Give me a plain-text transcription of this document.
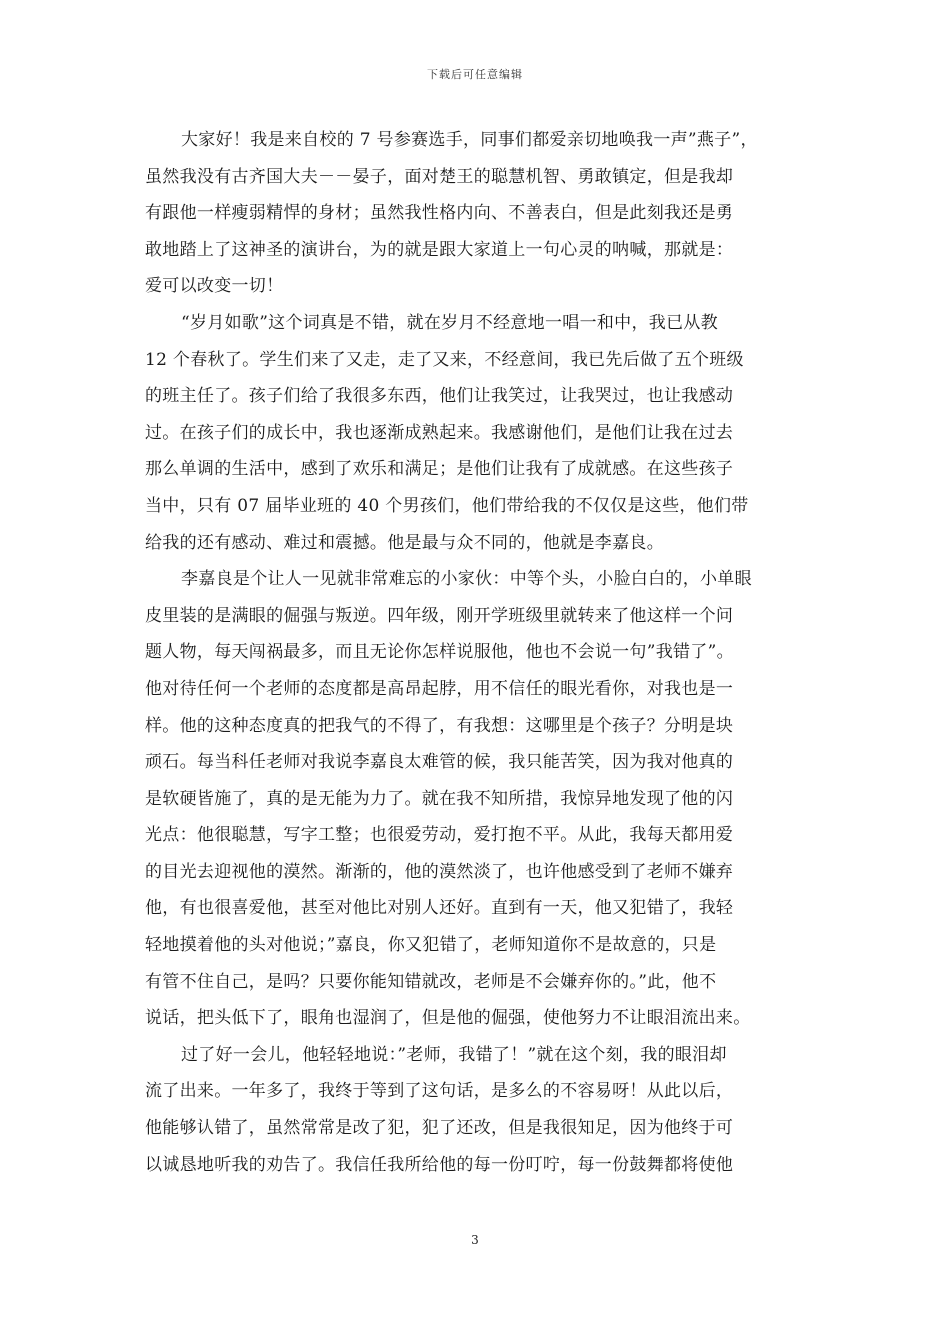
下载后可任意编辑
大家好！我是来自校的 7 号参赛选手，同事们都爱亲切地唤我一声”燕子”，
虽然我没有古齐国大夫－－晏子，面对楚王的聪慧机智、勇敢镇定，但是我却
有跟他一样瘦弱精悍的身材；虽然我性格内向、不善表白，但是此刻我还是勇
敢地踏上了这神圣的演讲台，为的就是跟大家道上一句心灵的呐喊，那就是：
爱可以改变一切！
“岁月如歌”这个词真是不错，就在岁月不经意地一唱一和中，我已从教
12 个春秋了。学生们来了又走，走了又来，不经意间，我已先后做了五个班级
的班主任了。孩子们给了我很多东西，他们让我笑过，让我哭过，也让我感动
过。在孩子们的成长中，我也逐渐成熟起来。我感谢他们，是他们让我在过去
那么单调的生活中，感到了欢乐和满足；是他们让我有了成就感。在这些孩子
当中，只有 07 届毕业班的 40 个男孩们，他们带给我的不仅仅是这些，他们带
给我的还有感动、难过和震撼。他是最与众不同的，他就是李嘉良。
李嘉良是个让人一见就非常难忘的小家伙：中等个头，小脸白白的，小单眼
皮里装的是满眼的倔强与叛逆。四年级，刚开学班级里就转来了他这样一个问
题人物，每天闯祸最多，而且无论你怎样说服他，他也不会说一句”我错了”。
他对待任何一个老师的态度都是高昂起脖，用不信任的眼光看你，对我也是一
样。他的这种态度真的把我气的不得了，有我想：这哪里是个孩子？分明是块
顽石。每当科任老师对我说李嘉良太难管的候，我只能苦笑，因为我对他真的
是软硬皆施了，真的是无能为力了。就在我不知所措，我惊异地发现了他的闪
光点：他很聪慧，写字工整；也很爱劳动，爱打抱不平。从此，我每天都用爱
的目光去迎视他的漠然。渐渐的，他的漠然淡了，也许他感受到了老师不嫌弃
他，有也很喜爱他，甚至对他比对别人还好。直到有一天，他又犯错了，我轻
轻地摸着他的头对他说；”嘉良，你又犯错了，老师知道你不是故意的，只是
有管不住自己，是吗？只要你能知错就改，老师是不会嫌弃你的。”此，他不
说话，把头低下了，眼角也湿润了，但是他的倔强，使他努力不让眼泪流出来。
过了好一会儿，他轻轻地说：”老师，我错了！”就在这个刻，我的眼泪却
流了出来。一年多了，我终于等到了这句话，是多么的不容易呀！从此以后，
他能够认错了，虽然常常是改了犯，犯了还改，但是我很知足，因为他终于可
以诚恳地听我的劝告了。我信任我所给他的每一份叮咛，每一份鼓舞都将使他
3
